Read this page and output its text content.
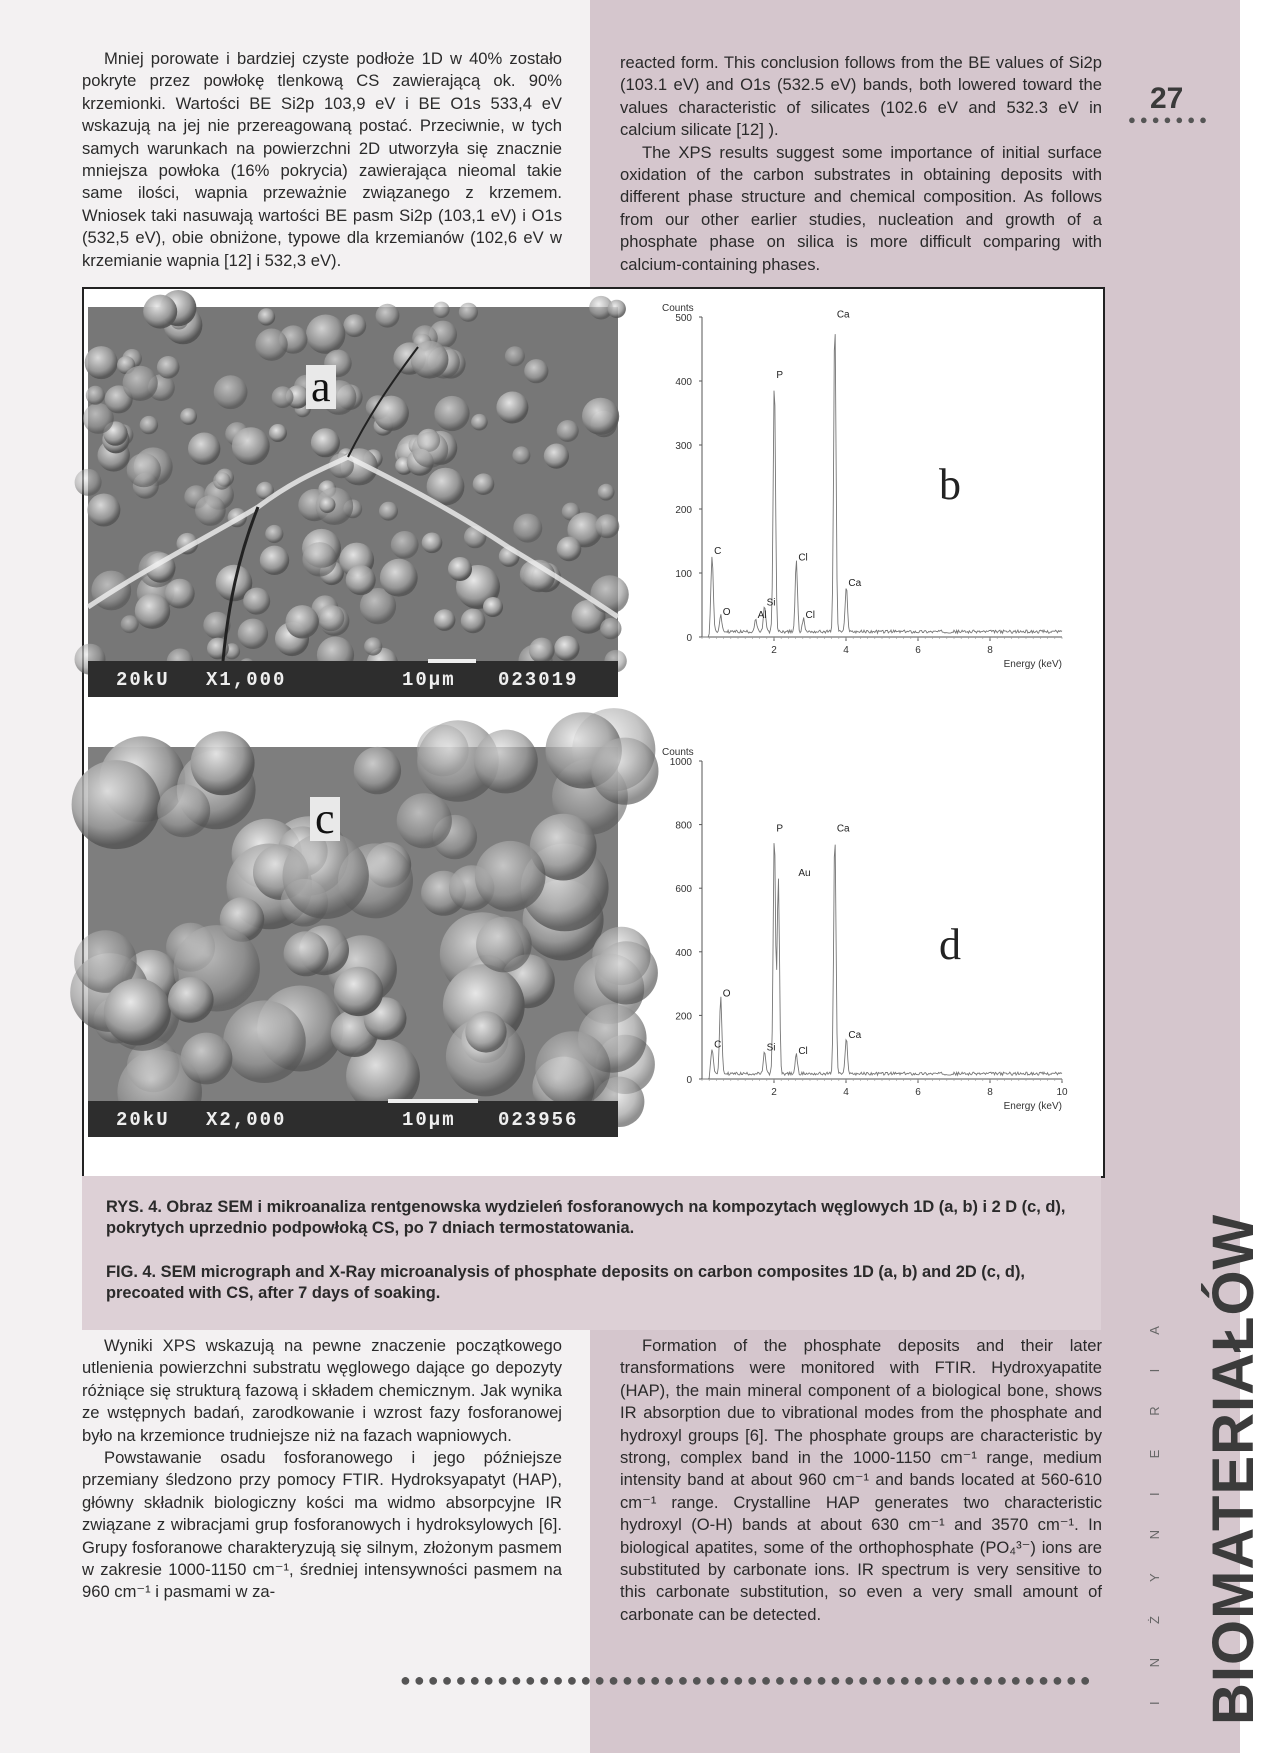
27
●●●●●●●

Mniej porowate i bardziej czyste podłoże 1D w 40% zostało pokryte przez powłokę tlenkową CS zawierającą ok. 90% krzemionki. Wartości BE Si2p 103,9 eV i BE O1s 533,4 eV wskazują na jej nie przereagowaną postać. Przeciwnie, w tych samych warunkach na powierzchni 2D utworzyła się znacznie mniejsza powłoka (16% pokrycia) zawierająca nieomal takie same ilości, wapnia przeważnie związanego z krzemem. Wniosek taki nasuwają wartości BE pasm Si2p (103,1 eV) i O1s (532,5 eV), obie obniżone, typowe dla krzemianów (102,6 eV w krzemianie wapnia [12] i 532,3 eV).

reacted form. This conclusion follows from the BE values of Si2p (103.1 eV) and O1s (532.5 eV) bands, both lowered toward the values characteristic of silicates (102.6 eV and 532.3 eV in calcium silicate [12] ).

The XPS results suggest some importance of initial surface oxidation of the carbon substrates in obtaining deposits with different phase structure and chemical composition. As follows from our other earlier studies, nucleation and growth of a phosphate phase on silica is more difficult comparing with calcium-containing phases.

a
20kU X1,000	10µm 023019
c
20kU X2,000	10µm 023956
0
100
200
300
400
500
2	4	6	8
Counts
Energy (keV)
C
O	Al
Si
P
Cl
Cl
Ca
Ca
b
0
200
400
600
800
1000
2	4	6	8	10
Counts
Energy (keV)
C
O
Si
P
Au
Cl
Ca
Ca
d

RYS. 4. Obraz SEM i mikroanaliza rentgenowska wydzieleń fosforanowych na kompozytach węglowych 1D (a, b) i 2 D (c, d), pokrytych uprzednio podpowłoką CS, po 7 dniach termostatowania.

FIG. 4. SEM micrograph and X-Ray microanalysis of phosphate deposits on carbon composites 1D (a, b) and 2D (c, d), precoated with CS, after 7 days of soaking.

Wyniki XPS wskazują na pewne znaczenie początkowego utlenienia powierzchni substratu węglowego dające go depozyty różniące się strukturą fazową i składem chemicznym. Jak wynika ze wstępnych badań, zarodkowanie i wzrost fazy fosforanowej było na krzemionce trudniejsze niż na fazach wapniowych.

Powstawanie osadu fosforanowego i jego późniejsze przemiany śledzono przy pomocy FTIR. Hydroksyapatyt (HAP), główny składnik biologiczny kości ma widmo absorpcyjne IR związane z wibracjami grup fosforanowych i hydroksylowych [6]. Grupy fosforanowe charakteryzują się silnym, złożonym pasmem w zakresie 1000-1150 cm⁻¹, średniej intensywności pasmem na 960 cm⁻¹ i pasmami w za-

Formation of the phosphate deposits and their later transformations were monitored with FTIR. Hydroxyapatite (HAP), the main mineral component of a biological bone, shows IR absorption due to vibrational modes from the phosphate and hydroxyl groups [6]. The phosphate groups are characteristic by strong, complex band in the 1000-1150 cm⁻¹ range, medium intensity band at about 960 cm⁻¹ and bands located at 560-610 cm⁻¹ range. Crystalline HAP generates two characteristic hydroxyl (O-H) bands at about 630 cm⁻¹ and 3570 cm⁻¹. In biological apatites, some of the orthophosphate (PO₄³⁻) ions are substituted by carbonate ions. IR spectrum is very sensitive to this carbonate substitution, so even a very small amount of carbonate can be detected.

●●●●●●●●●●●●●●●●●●●●●●●●●●●●●●●●●●●●●●●●●●●●●●●●●● BIOMATERIAŁÓW
INŻYNIERIA
